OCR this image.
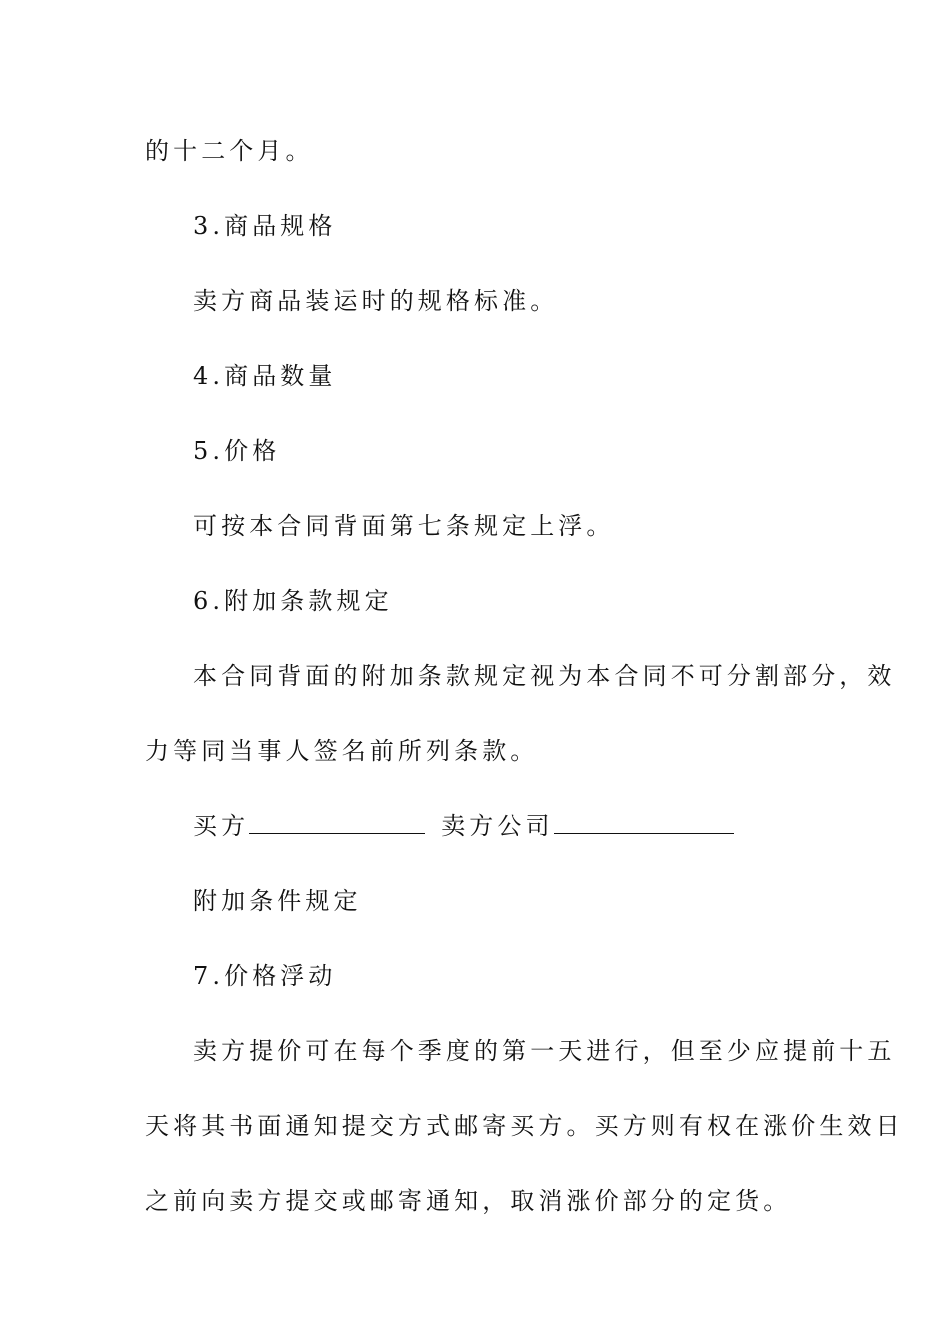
的十二个月。
3.商品规格
卖方商品装运时的规格标准。
4.商品数量
5.价格
可按本合同背面第七条规定上浮。
6.附加条款规定
本合同背面的附加条款规定视为本合同不可分割部分，效
力等同当事人签名前所列条款。
买方	卖方公司
附加条件规定
7.价格浮动
卖方提价可在每个季度的第一天进行，但至少应提前十五
天将其书面通知提交方式邮寄买方。买方则有权在涨价生效日
之前向卖方提交或邮寄通知，取消涨价部分的定货。
